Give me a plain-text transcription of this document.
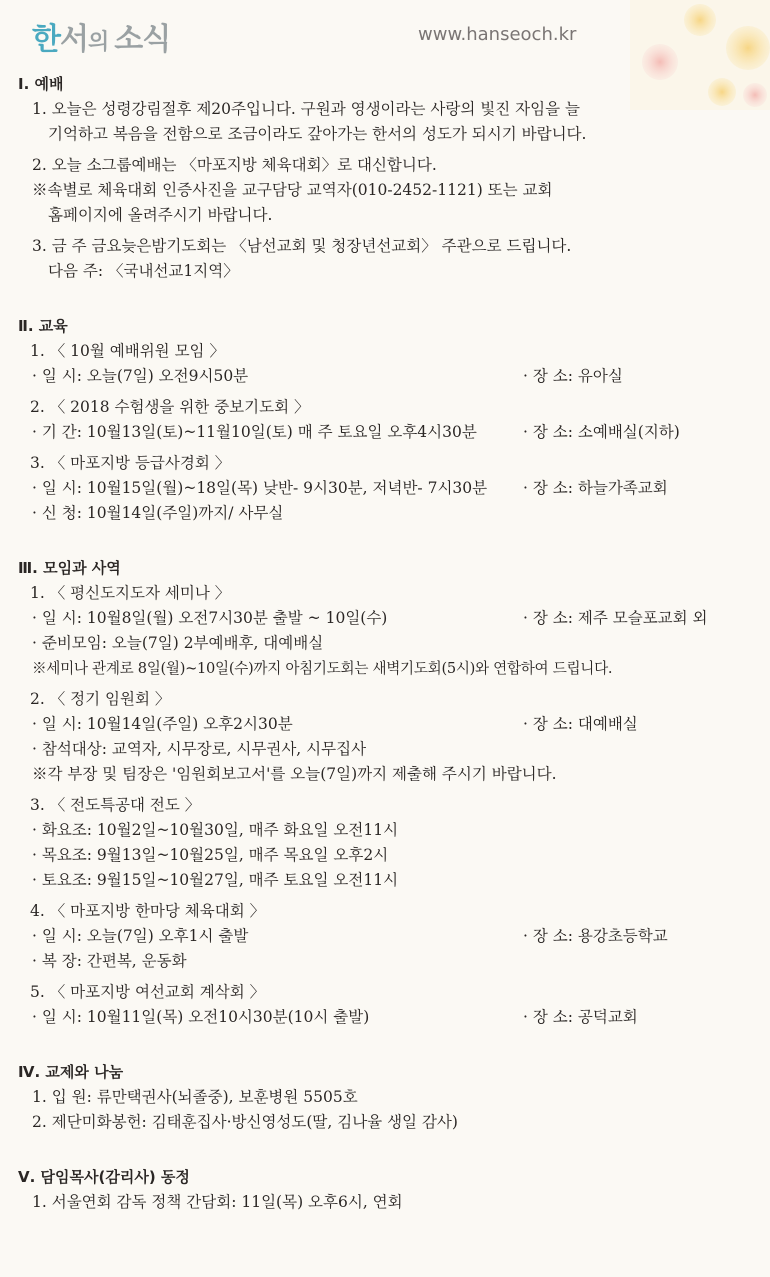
한서의 소식	www.hanseoch.kr
Ⅰ. 예배
1. 오늘은 성령강림절후 제20주입니다. 구원과 영생이라는 사랑의 빛진 자임을 늘
기억하고 복음을 전함으로 조금이라도 갚아가는 한서의 성도가 되시기 바랍니다.
2. 오늘 소그룹예배는 〈마포지방 체육대회〉로 대신합니다.
※속별로 체육대회 인증사진을 교구담당 교역자(010-2452-1121) 또는 교회
홈페이지에 올려주시기 바랍니다.
3. 금 주 금요늦은밤기도회는 〈남선교회 및 청장년선교회〉 주관으로 드립니다.
다음 주: 〈국내선교1지역〉
Ⅱ. 교육
1. 〈 10월 예배위원 모임 〉
· 일 시: 오늘(7일) 오전9시50분	· 장 소: 유아실
2. 〈 2018 수험생을 위한 중보기도회 〉
· 기 간: 10월13일(토)~11월10일(토) 매 주 토요일 오후4시30분	· 장 소: 소예배실(지하)
3. 〈 마포지방 등급사경회 〉
· 일 시: 10월15일(월)~18일(목) 낮반- 9시30분, 저녁반- 7시30분	· 장 소: 하늘가족교회
· 신 청: 10월14일(주일)까지/ 사무실
Ⅲ. 모임과 사역
1. 〈 평신도지도자 세미나 〉
· 일 시: 10월8일(월) 오전7시30분 출발 ~ 10일(수)	· 장 소: 제주 모슬포교회 외
· 준비모임: 오늘(7일) 2부예배후, 대예배실
※세미나 관계로 8일(월)~10일(수)까지 아침기도회는 새벽기도회(5시)와 연합하여 드립니다.
2. 〈 정기 임원회 〉
· 일 시: 10월14일(주일) 오후2시30분	· 장 소: 대예배실
· 참석대상: 교역자, 시무장로, 시무권사, 시무집사
※각 부장 및 팀장은 '임원회보고서'를 오늘(7일)까지 제출해 주시기 바랍니다.
3. 〈 전도특공대 전도 〉
· 화요조: 10월2일~10월30일, 매주 화요일 오전11시
· 목요조: 9월13일~10월25일, 매주 목요일 오후2시
· 토요조: 9월15일~10월27일, 매주 토요일 오전11시
4. 〈 마포지방 한마당 체육대회 〉
· 일 시: 오늘(7일) 오후1시 출발	· 장 소: 용강초등학교
· 복 장: 간편복, 운동화
5. 〈 마포지방 여선교회 계삭회 〉
· 일 시: 10월11일(목) 오전10시30분(10시 출발)	· 장 소: 공덕교회
Ⅳ. 교제와 나눔
1. 입 원: 류만택권사(뇌졸중), 보훈병원 5505호
2. 제단미화봉헌: 김태훈집사·방신영성도(딸, 김나율 생일 감사)
Ⅴ. 담임목사(감리사) 동정
1. 서울연회 감독 정책 간담회: 11일(목) 오후6시, 연회
